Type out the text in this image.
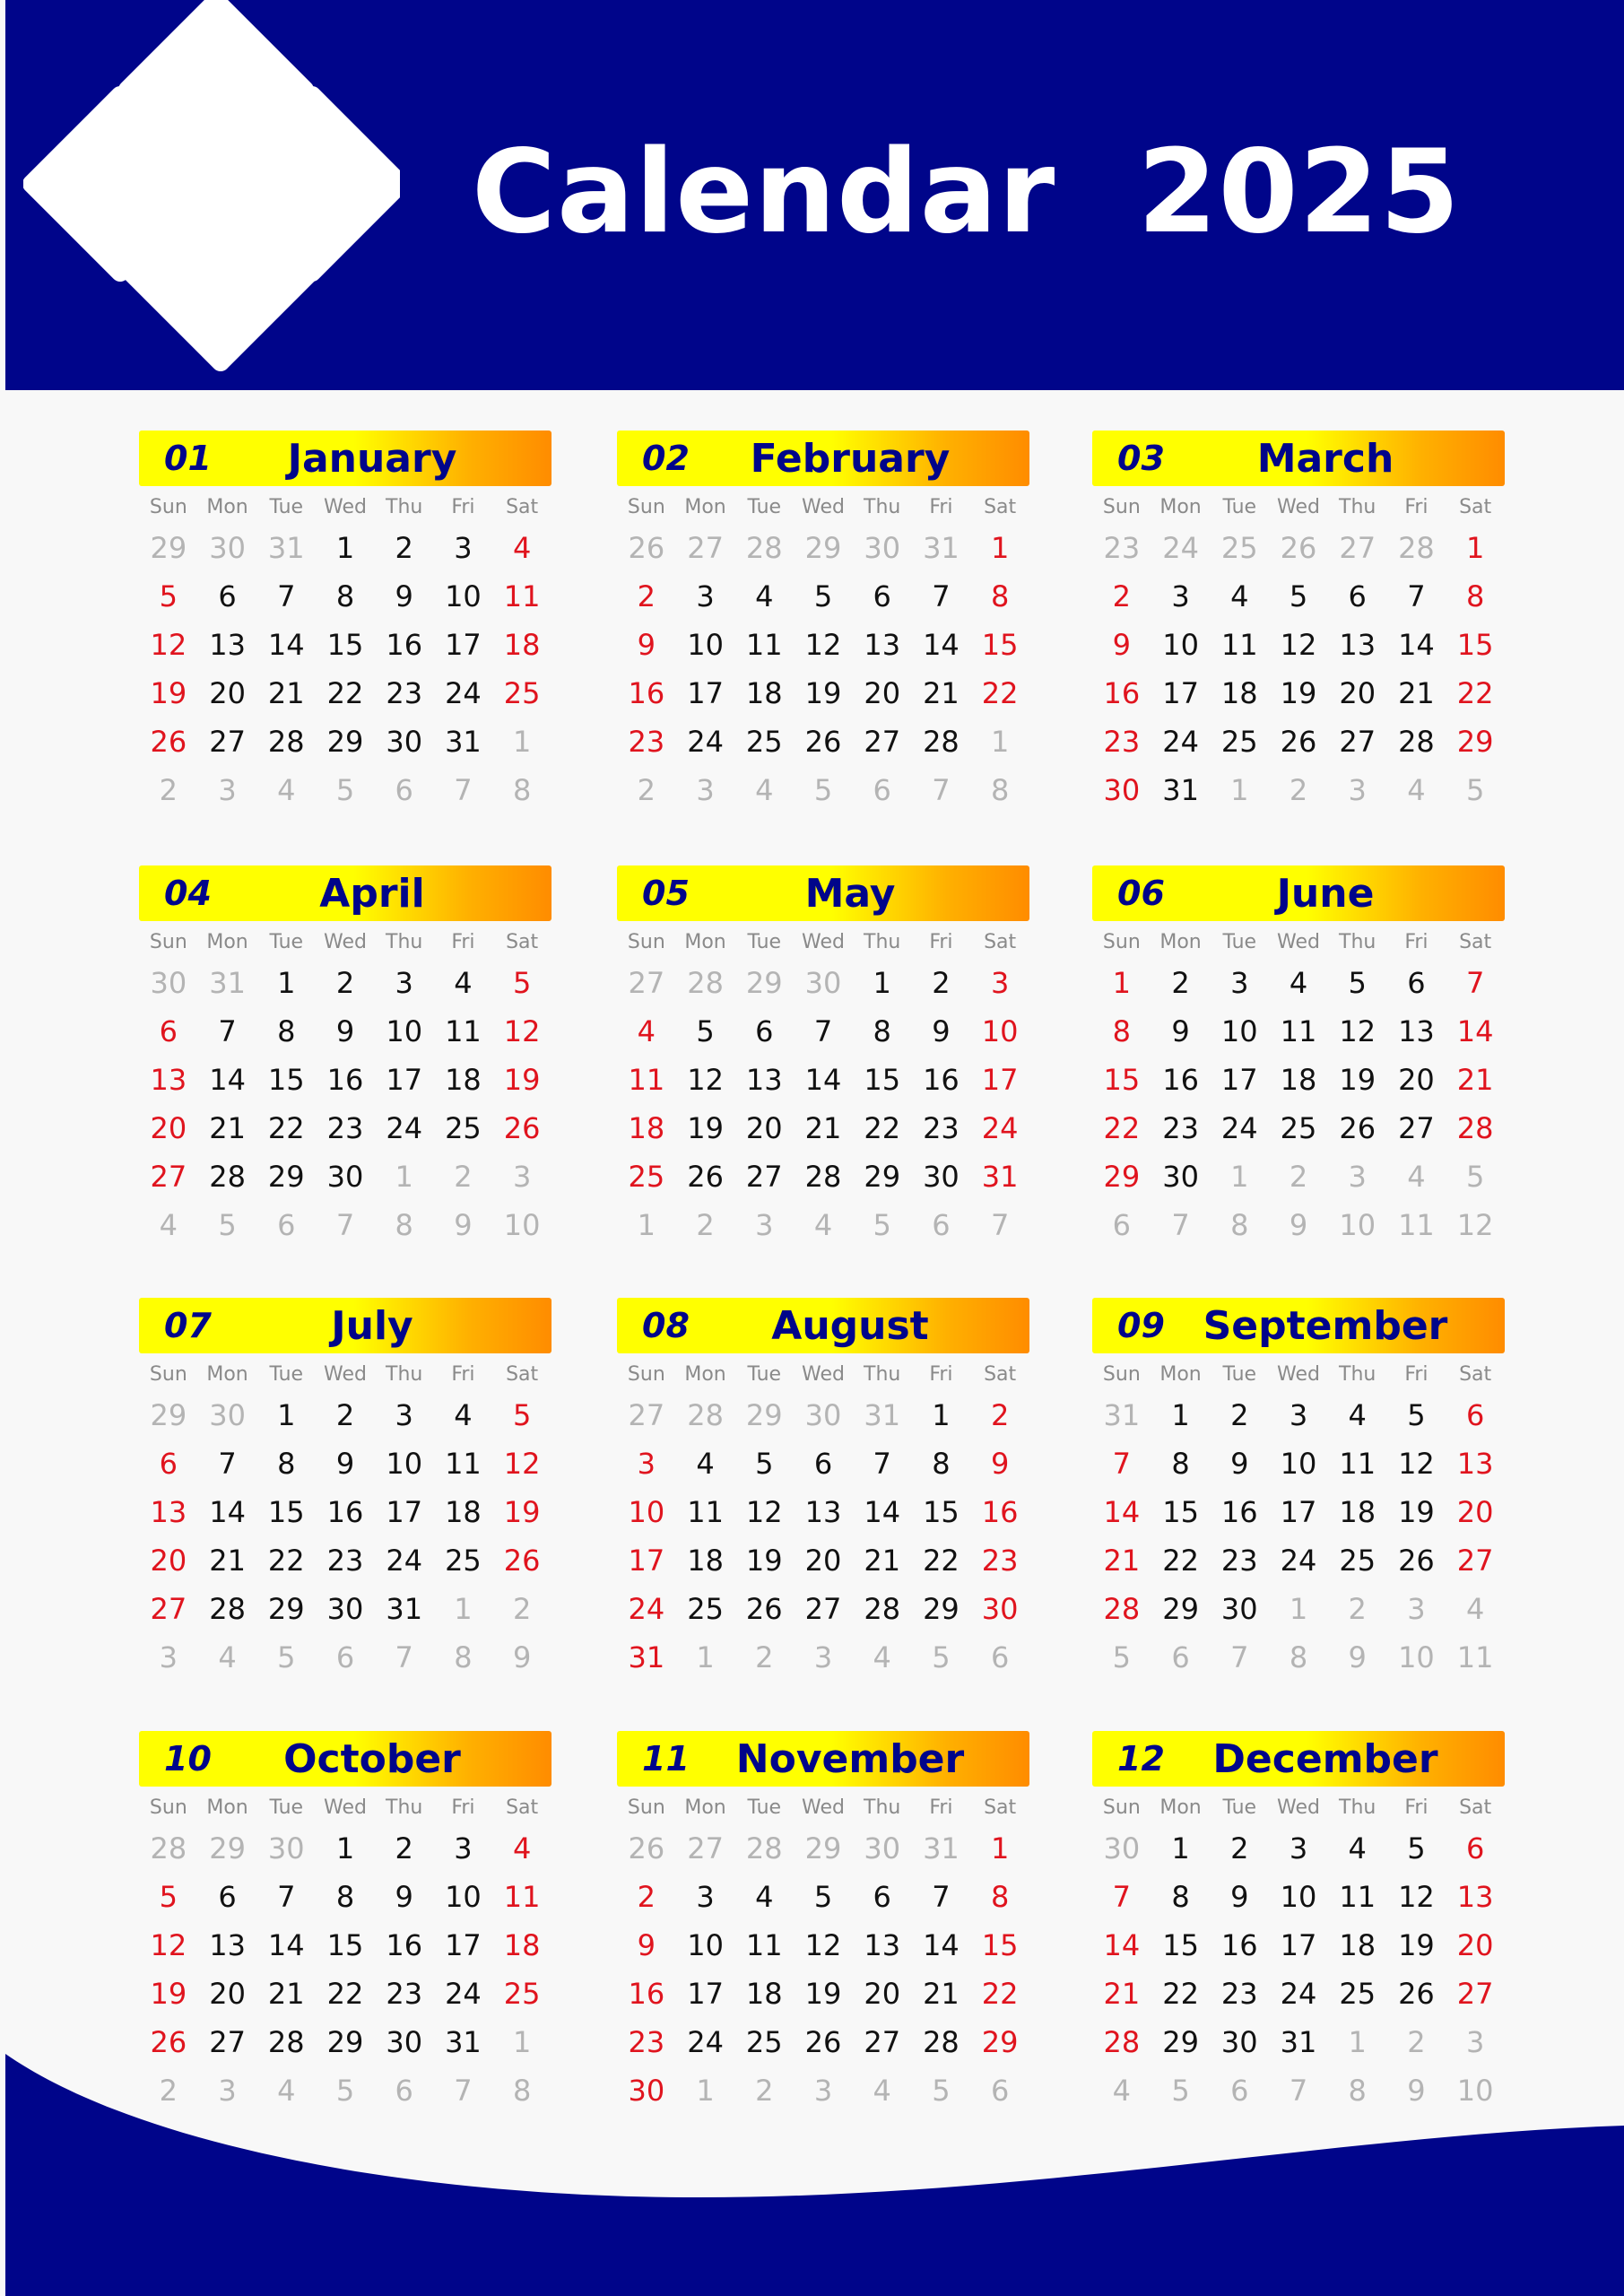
Calendar  2025
01	January
Sun Mon	Tue	Wed Thu	Fri	Sat
29 30 31	1	2	3	4
5	6	7	8	9	10 11
12 13 14 15 16 17 18
19 20 21 22 23 24 25
26 27 28 29 30 31	1
2	3	4	5	6	7	8
02	February
Sun Mon	Tue	Wed Thu	Fri	Sat
26 27 28 29 30 31	1
2	3	4	5	6	7	8
9	10 11 12 13 14 15
16 17 18 19 20 21 22
23 24 25 26 27 28	1
2	3	4	5	6	7	8
03	March
Sun Mon	Tue	Wed Thu	Fri	Sat
23 24 25 26 27 28	1
2	3	4	5	6	7	8
9	10 11 12 13 14 15
16 17 18 19 20 21 22
23 24 25 26 27 28 29
30 31	1	2	3	4	5
04	April
Sun Mon	Tue	Wed Thu	Fri	Sat
30 31	1	2	3	4	5
6	7	8	9	10 11 12
13 14 15 16 17 18 19
20 21 22 23 24 25 26
27 28 29 30	1	2	3
4	5	6	7	8	9	10
05	May
Sun Mon	Tue	Wed Thu	Fri	Sat
27 28 29 30	1	2	3
4	5	6	7	8	9	10
11 12 13 14 15 16 17
18 19 20 21 22 23 24
25 26 27 28 29 30 31
1	2	3	4	5	6	7
06	June
Sun Mon	Tue	Wed Thu	Fri	Sat
1	2	3	4	5	6	7
8	9	10 11 12 13 14
15 16 17 18 19 20 21
22 23 24 25 26 27 28
29 30	1	2	3	4	5
6	7	8	9	10 11 12
07	July
Sun Mon	Tue	Wed Thu	Fri	Sat
29 30	1	2	3	4	5
6	7	8	9	10 11 12
13 14 15 16 17 18 19
20 21 22 23 24 25 26
27 28 29 30 31	1	2
3	4	5	6	7	8	9
08	August
Sun Mon	Tue	Wed Thu	Fri	Sat
27 28 29 30 31	1	2
3	4	5	6	7	8	9
10 11 12 13 14 15 16
17 18 19 20 21 22 23
24 25 26 27 28 29 30
31	1	2	3	4	5	6
09 September
Sun Mon	Tue	Wed Thu	Fri	Sat
31	1	2	3	4	5	6
7	8	9	10 11 12 13
14 15 16 17 18 19 20
21 22 23 24 25 26 27
28 29 30	1	2	3	4
5	6	7	8	9	10 11
10	October
Sun Mon	Tue	Wed Thu	Fri	Sat
28 29 30	1	2	3	4
5	6	7	8	9	10 11
12 13 14 15 16 17 18
19 20 21 22 23 24 25
26 27 28 29 30 31	1
2	3	4	5	6	7	8
11	November
Sun Mon	Tue	Wed Thu	Fri	Sat
26 27 28 29 30 31	1
2	3	4	5	6	7	8
9	10 11 12 13 14 15
16 17 18 19 20 21 22
23 24 25 26 27 28 29
30	1	2	3	4	5	6
12	December
Sun Mon	Tue	Wed Thu	Fri	Sat
30	1	2	3	4	5	6
7	8	9	10 11 12 13
14 15 16 17 18 19 20
21 22 23 24 25 26 27
28 29 30 31	1	2	3
4	5	6	7	8	9	10
